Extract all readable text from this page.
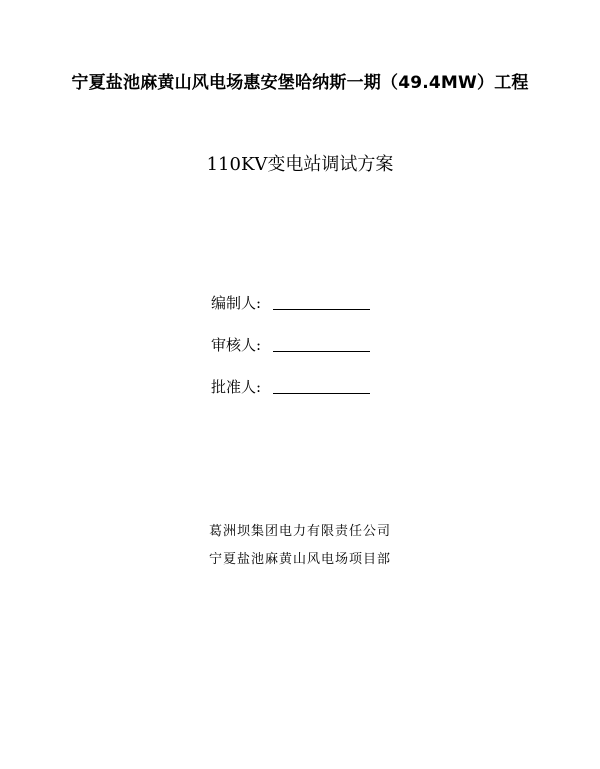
宁夏盐池麻黄山风电场惠安堡哈纳斯一期（49.4MW）工程
110KV变电站调试方案
编制人:
审核人:
批准人:
葛洲坝集团电力有限责任公司
宁夏盐池麻黄山风电场项目部
